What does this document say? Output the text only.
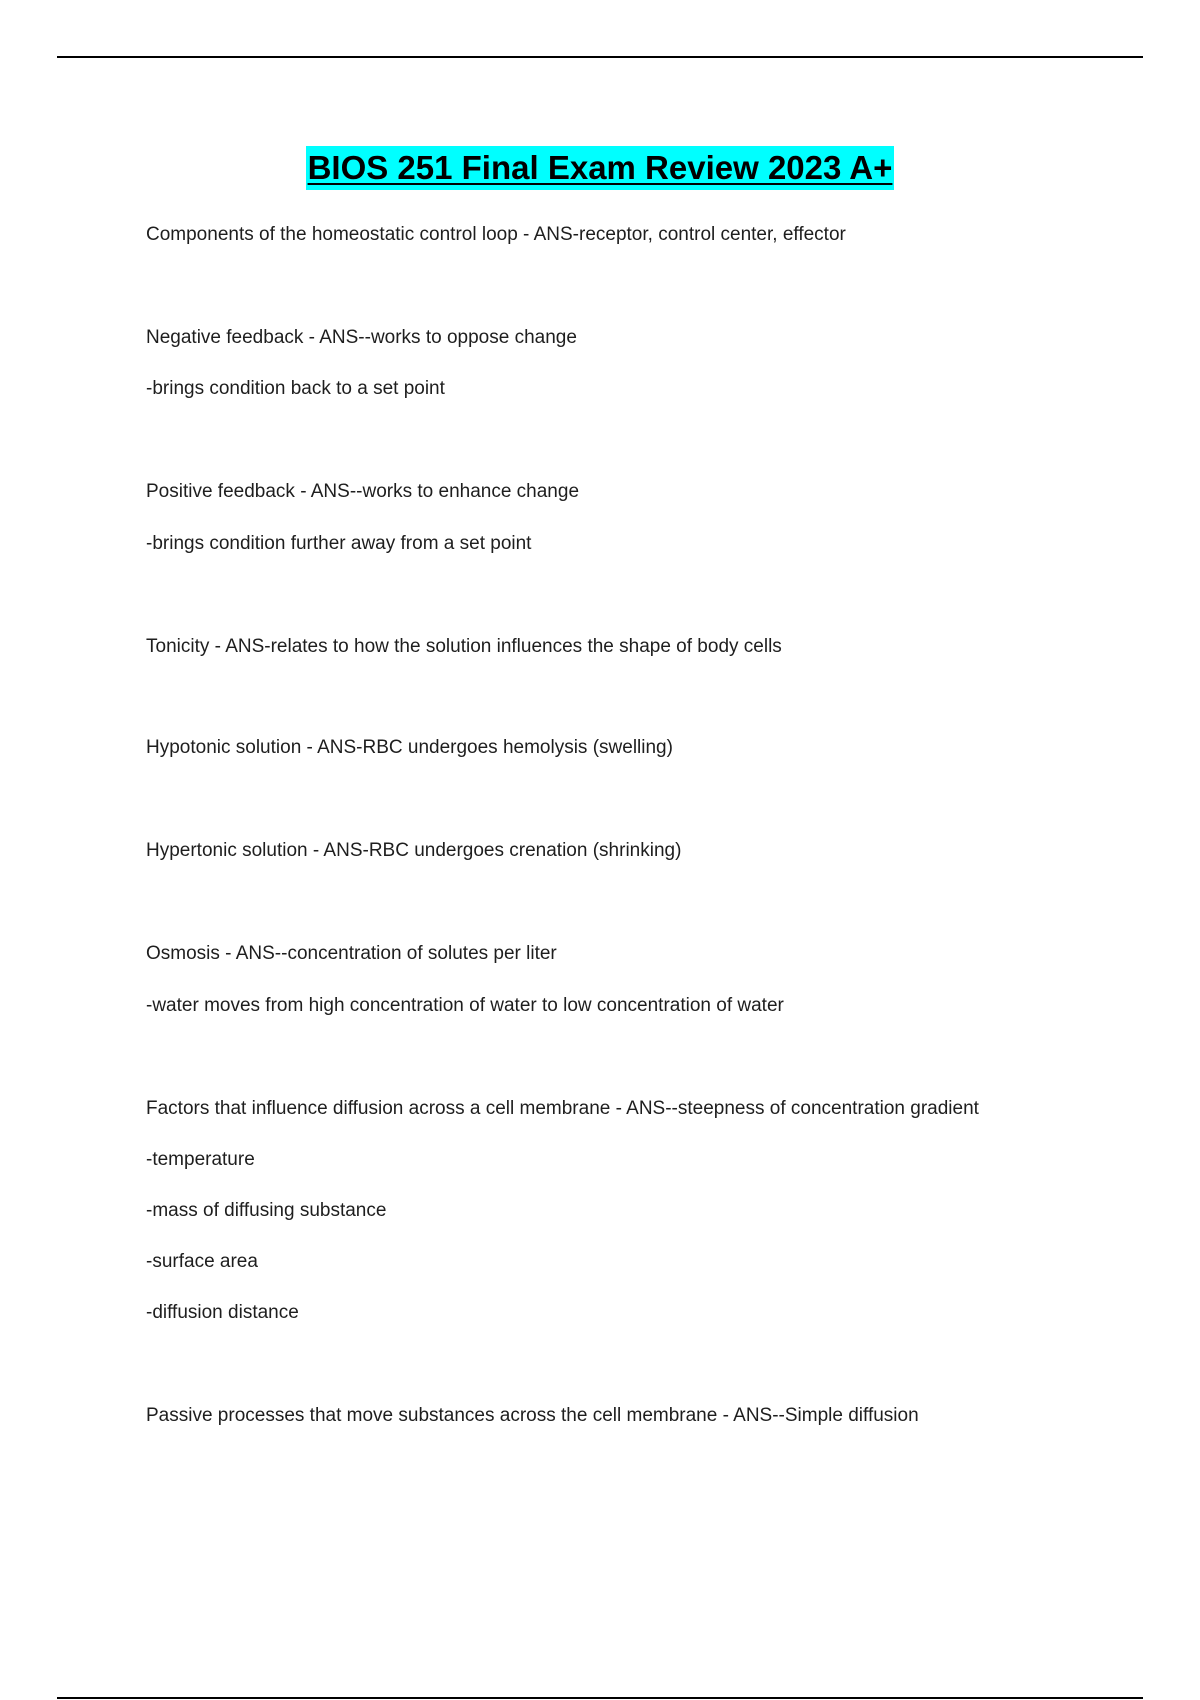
BIOS 251 Final Exam Review 2023 A+
Components of the homeostatic control loop - ANS-receptor, control center, effector
Negative feedback - ANS--works to oppose change
-brings condition back to a set point
Positive feedback - ANS--works to enhance change
-brings condition further away from a set point
Tonicity - ANS-relates to how the solution influences the shape of body cells
Hypotonic solution - ANS-RBC undergoes hemolysis (swelling)
Hypertonic solution - ANS-RBC undergoes crenation (shrinking)
Osmosis - ANS--concentration of solutes per liter
-water moves from high concentration of water to low concentration of water
Factors that influence diffusion across a cell membrane - ANS--steepness of concentration gradient
-temperature
-mass of diffusing substance
-surface area
-diffusion distance
Passive processes that move substances across the cell membrane - ANS--Simple diffusion
